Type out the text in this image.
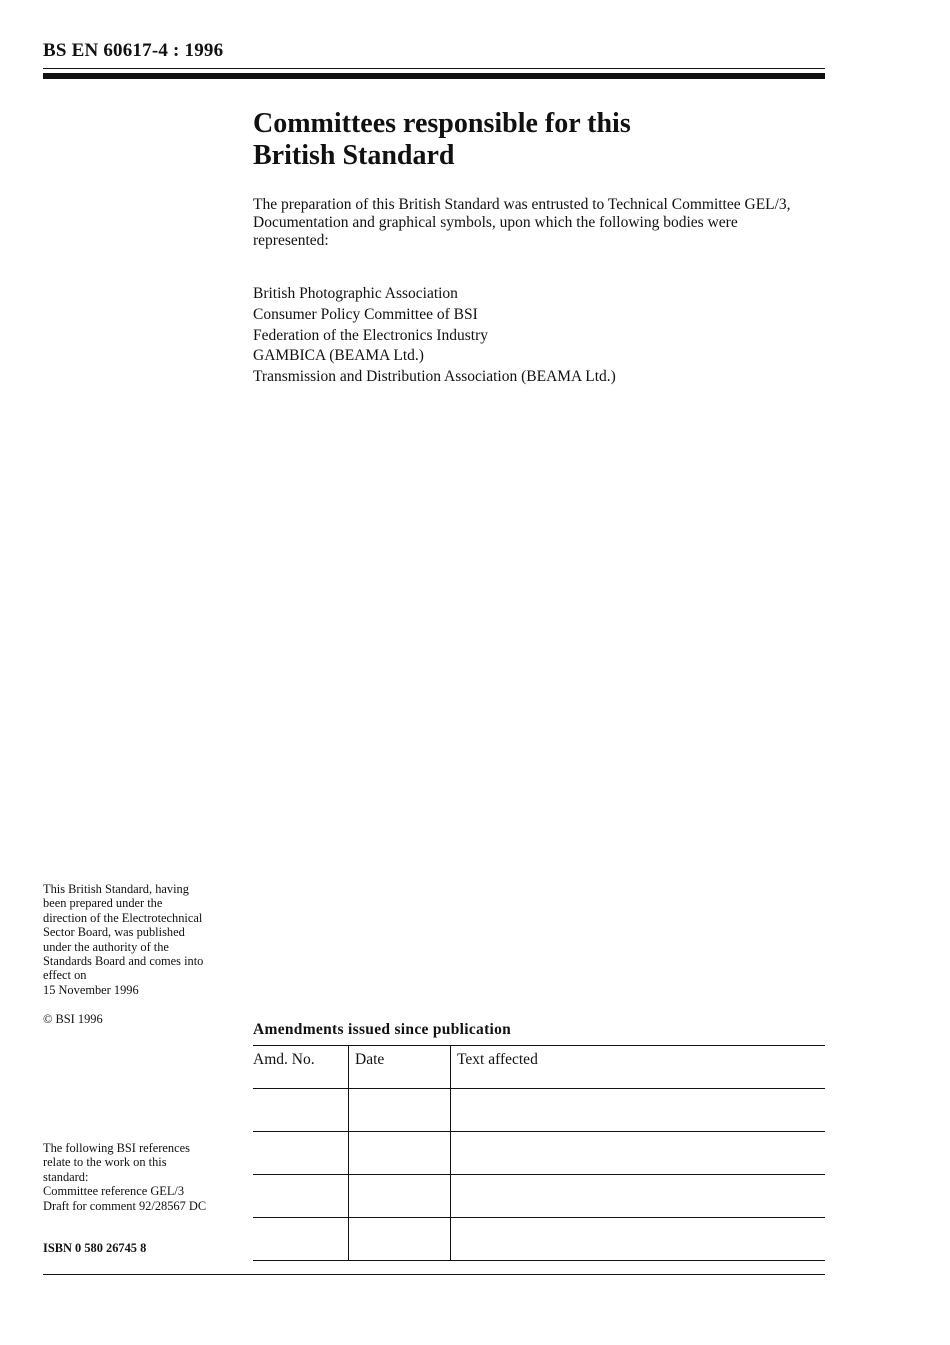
BS EN 60617-4 : 1996
Committees responsible for this
British Standard

The preparation of this British Standard was entrusted to Technical Committee GEL/3, Documentation and graphical symbols, upon which the following bodies were represented:

British Photographic Association
Consumer Policy Committee of BSI
Federation of the Electronics Industry
GAMBICA (BEAMA Ltd.)
Transmission and Distribution Association (BEAMA Ltd.)
This British Standard, having
been prepared under the
direction of the Electrotechnical
Sector Board, was published
under the authority of the
Standards Board and comes into
effect on
15 November 1996
© BSI 1996
The following BSI references
relate to the work on this
standard:
Committee reference GEL/3
Draft for comment 92/28567 DC
ISBN 0 580 26745 8
Amendments issued since publication
Amd. No.	Date	Text affected
